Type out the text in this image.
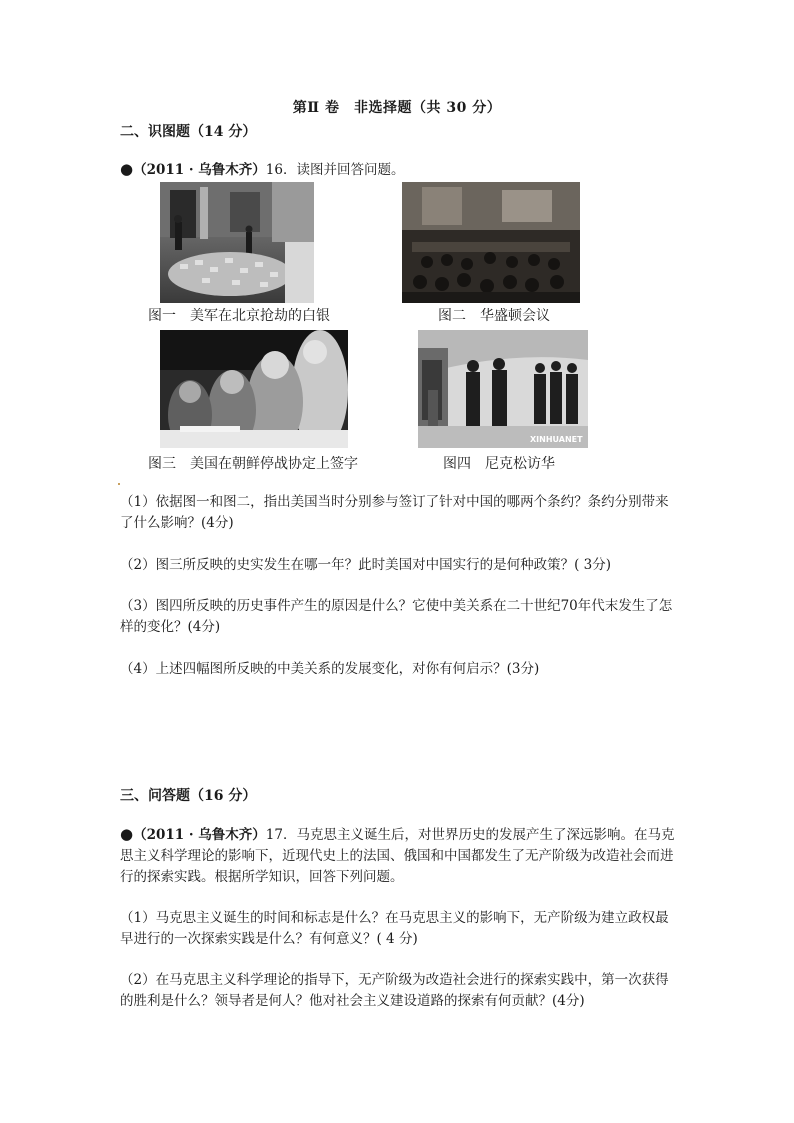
第Ⅱ 卷　非选择题（共 30 分）
二、识图题（14 分）
●（2011 · 乌鲁木齐）16．读图并回答问题。
图一 美军在北京抢劫的白银	图二 华盛顿会议
XINHUANET
图三 美国在朝鲜停战协定上签字	图四 尼克松访华
（1）依据图一和图二，指出美国当时分别参与签订了针对中国的哪两个条约？条约分别带来了什么影响？(4分)
（2）图三所反映的史实发生在哪一年？此时美国对中国实行的是何种政策？( 3分)
（3）图四所反映的历史事件产生的原因是什么？它使中美关系在二十世纪70年代末发生了怎样的变化？(4分)
（4）上述四幅图所反映的中美关系的发展变化，对你有何启示？(3分)
三、问答题（16 分）
●（2011 · 乌鲁木齐）17．马克思主义诞生后，对世界历史的发展产生了深远影响。在马克思主义科学理论的影响下，近现代史上的法国、俄国和中国都发生了无产阶级为改造社会而进行的探索实践。根据所学知识，回答下列问题。
（1）马克思主义诞生的时间和标志是什么？在马克思主义的影响下，无产阶级为建立政权最早进行的一次探索实践是什么？有何意义？( 4 分)
（2）在马克思主义科学理论的指导下，无产阶级为改造社会进行的探索实践中，第一次获得的胜利是什么？领导者是何人？他对社会主义建设道路的探索有何贡献？(4分)
